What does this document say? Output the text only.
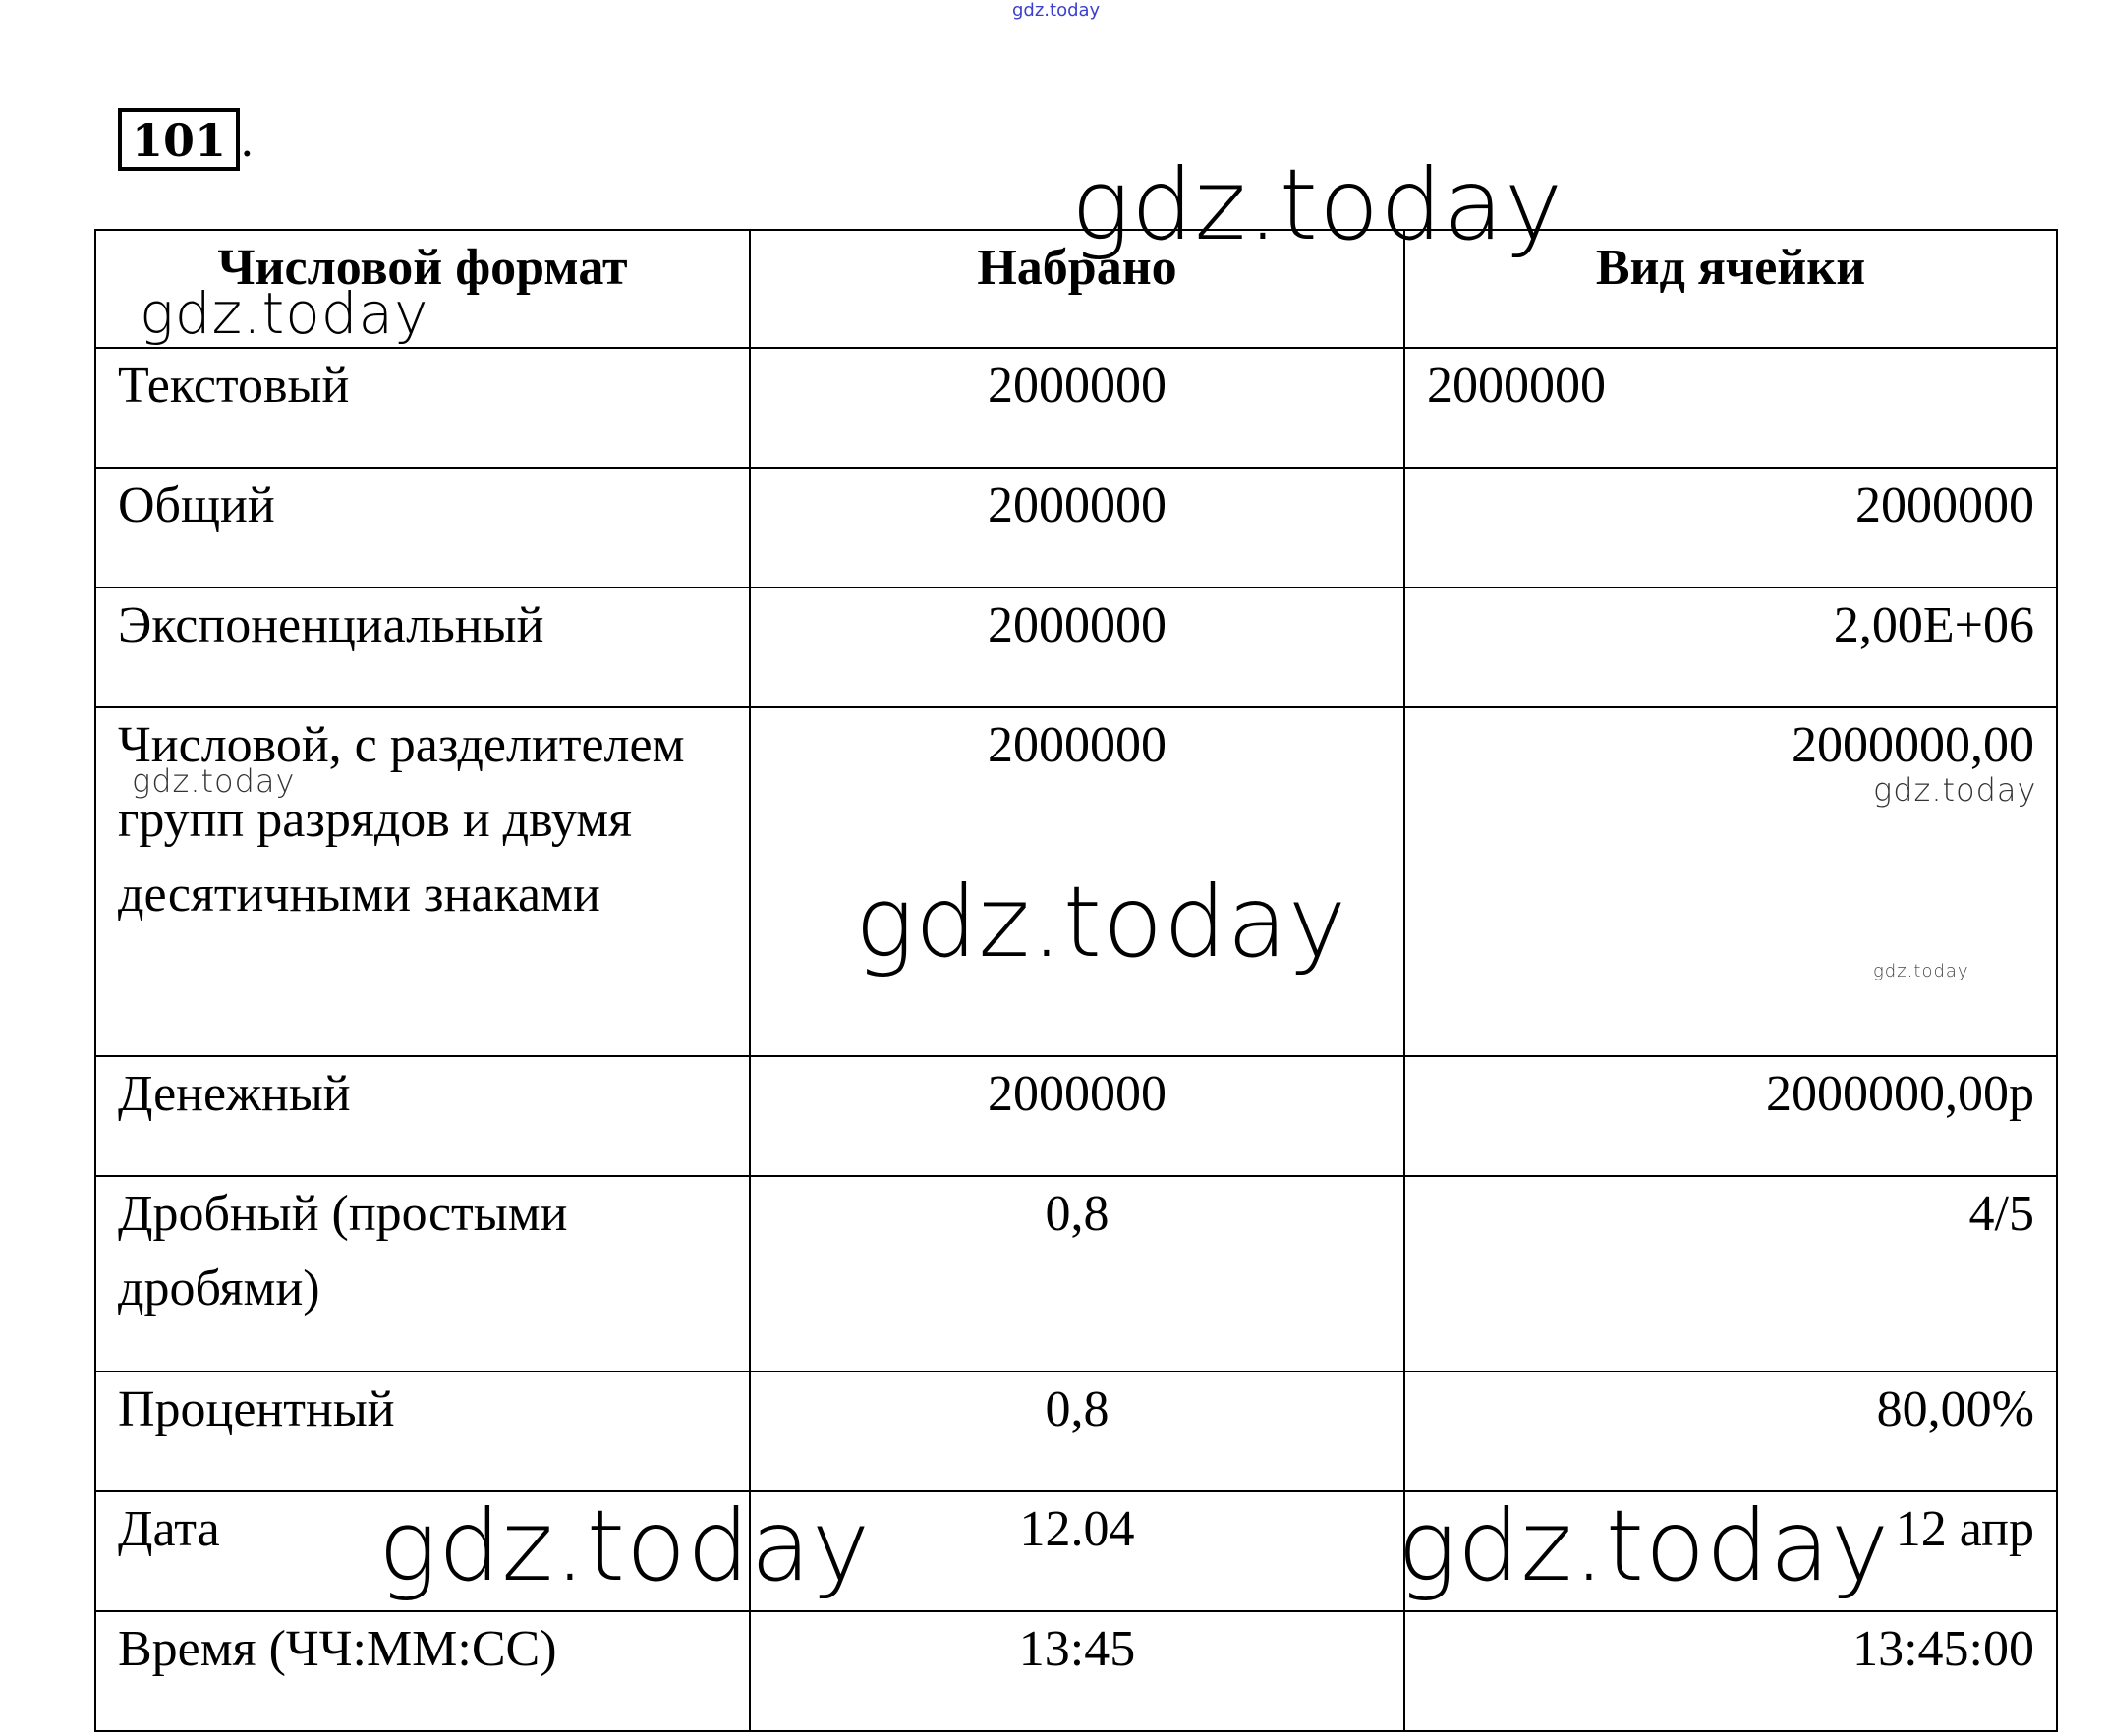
gdz.today
101 .
Числовой формат	Набрано	Вид ячейки
Текстовый	2000000	2000000
Общий	2000000	2000000
Экспоненциальный	2000000	2,00E+06
Числовой, с разделителем групп разрядов и двумя десятичными знаками	2000000	2000000,00
Денежный	2000000	2000000,00р
Дробный (простыми дробями)	0,8	4/5
Процентный	0,8	80,00%
Дата	12.04	12 апр
Время (ЧЧ:ММ:СС)	13:45	13:45:00
gdz.today
gdz.today
gdz.today	gdz.today
gdz.today	gdz.today
gdz.today	gdz.today
